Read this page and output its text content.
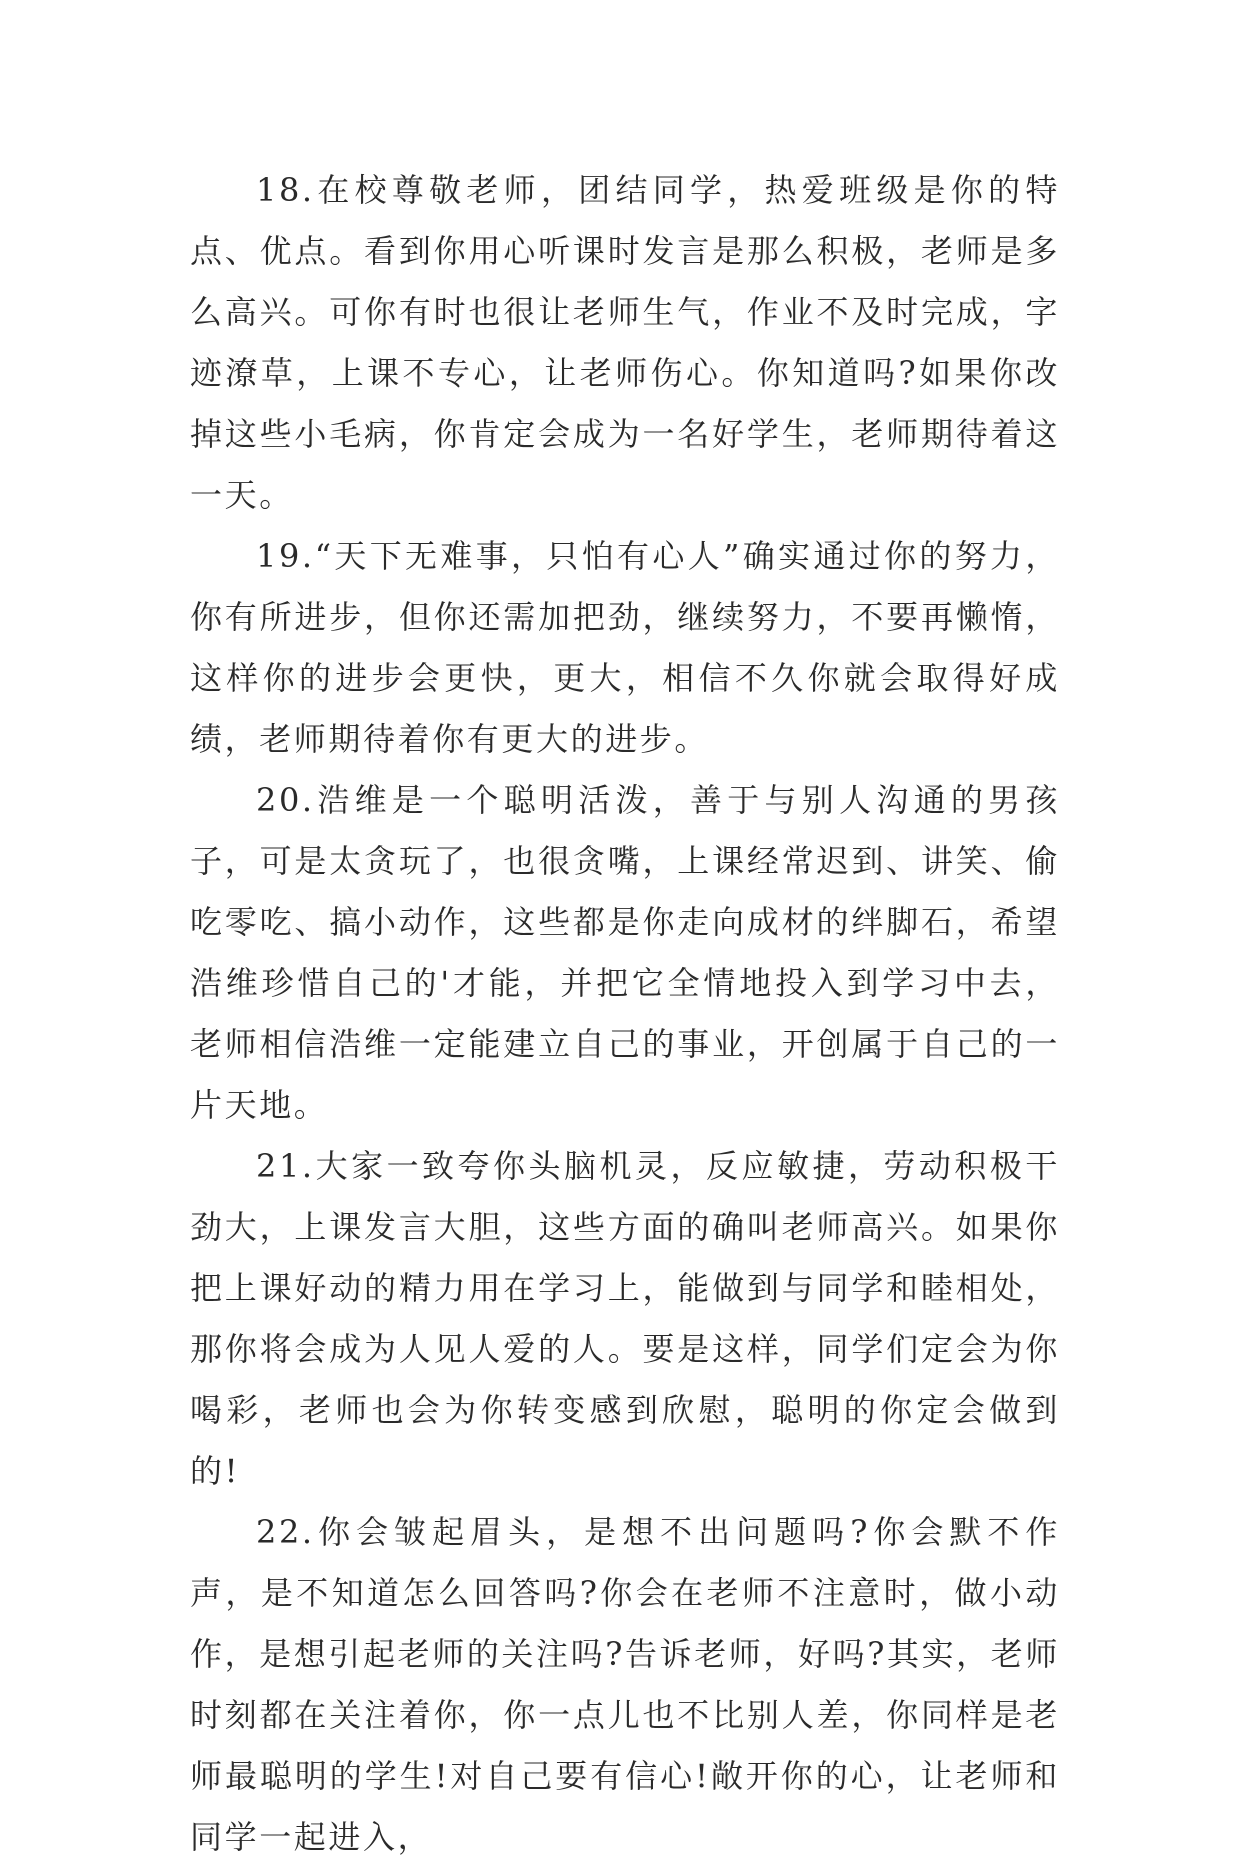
18.在校尊敬老师，团结同学，热爱班级是你的特点、优点。看到你用心听课时发言是那么积极，老师是多么高兴。可你有时也很让老师生气，作业不及时完成，字迹潦草，上课不专心，让老师伤心。你知道吗?如果你改掉这些小毛病，你肯定会成为一名好学生，老师期待着这一天。

19.“天下无难事，只怕有心人”确实通过你的努力，你有所进步，但你还需加把劲，继续努力，不要再懒惰，这样你的进步会更快，更大，相信不久你就会取得好成绩，老师期待着你有更大的进步。

20.浩维是一个聪明活泼，善于与别人沟通的男孩子，可是太贪玩了，也很贪嘴，上课经常迟到、讲笑、偷吃零吃、搞小动作，这些都是你走向成材的绊脚石，希望浩维珍惜自己的'才能，并把它全情地投入到学习中去，老师相信浩维一定能建立自己的事业，开创属于自己的一片天地。

21.大家一致夸你头脑机灵，反应敏捷，劳动积极干劲大，上课发言大胆，这些方面的确叫老师高兴。如果你把上课好动的精力用在学习上，能做到与同学和睦相处，那你将会成为人见人爱的人。要是这样，同学们定会为你喝彩，老师也会为你转变感到欣慰，聪明的你定会做到的!

22.你会皱起眉头，是想不出问题吗?你会默不作声，是不知道怎么回答吗?你会在老师不注意时，做小动作，是想引起老师的关注吗?告诉老师，好吗?其实，老师时刻都在关注着你，你一点儿也不比别人差，你同样是老师最聪明的学生!对自己要有信心!敞开你的心，让老师和同学一起进入，
